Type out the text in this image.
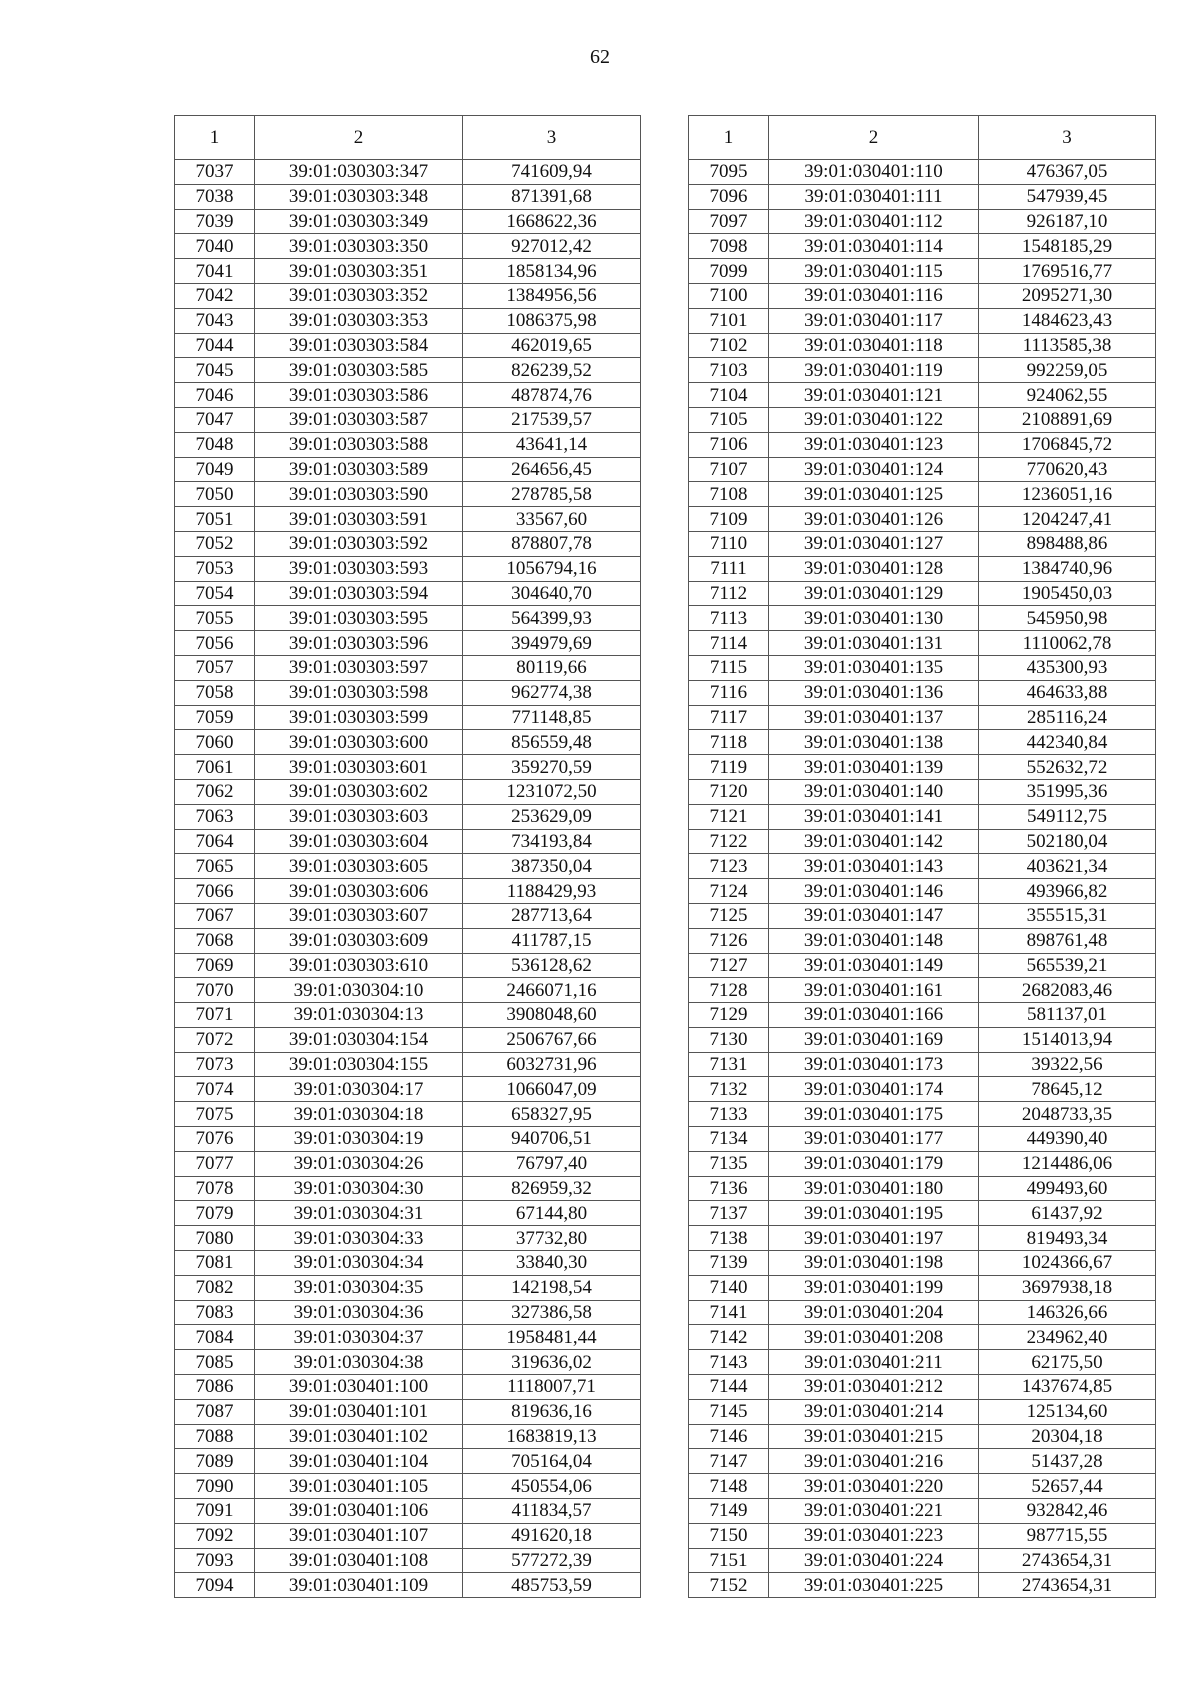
62
1	2	3
7037	39:01:030303:347	741609,94
7038	39:01:030303:348	871391,68
7039	39:01:030303:349	1668622,36
7040	39:01:030303:350	927012,42
7041	39:01:030303:351	1858134,96
7042	39:01:030303:352	1384956,56
7043	39:01:030303:353	1086375,98
7044	39:01:030303:584	462019,65
7045	39:01:030303:585	826239,52
7046	39:01:030303:586	487874,76
7047	39:01:030303:587	217539,57
7048	39:01:030303:588	43641,14
7049	39:01:030303:589	264656,45
7050	39:01:030303:590	278785,58
7051	39:01:030303:591	33567,60
7052	39:01:030303:592	878807,78
7053	39:01:030303:593	1056794,16
7054	39:01:030303:594	304640,70
7055	39:01:030303:595	564399,93
7056	39:01:030303:596	394979,69
7057	39:01:030303:597	80119,66
7058	39:01:030303:598	962774,38
7059	39:01:030303:599	771148,85
7060	39:01:030303:600	856559,48
7061	39:01:030303:601	359270,59
7062	39:01:030303:602	1231072,50
7063	39:01:030303:603	253629,09
7064	39:01:030303:604	734193,84
7065	39:01:030303:605	387350,04
7066	39:01:030303:606	1188429,93
7067	39:01:030303:607	287713,64
7068	39:01:030303:609	411787,15
7069	39:01:030303:610	536128,62
7070	39:01:030304:10	2466071,16
7071	39:01:030304:13	3908048,60
7072	39:01:030304:154	2506767,66
7073	39:01:030304:155	6032731,96
7074	39:01:030304:17	1066047,09
7075	39:01:030304:18	658327,95
7076	39:01:030304:19	940706,51
7077	39:01:030304:26	76797,40
7078	39:01:030304:30	826959,32
7079	39:01:030304:31	67144,80
7080	39:01:030304:33	37732,80
7081	39:01:030304:34	33840,30
7082	39:01:030304:35	142198,54
7083	39:01:030304:36	327386,58
7084	39:01:030304:37	1958481,44
7085	39:01:030304:38	319636,02
7086	39:01:030401:100	1118007,71
7087	39:01:030401:101	819636,16
7088	39:01:030401:102	1683819,13
7089	39:01:030401:104	705164,04
7090	39:01:030401:105	450554,06
7091	39:01:030401:106	411834,57
7092	39:01:030401:107	491620,18
7093	39:01:030401:108	577272,39
7094	39:01:030401:109	485753,59
1	2	3
7095	39:01:030401:110	476367,05
7096	39:01:030401:111	547939,45
7097	39:01:030401:112	926187,10
7098	39:01:030401:114	1548185,29
7099	39:01:030401:115	1769516,77
7100	39:01:030401:116	2095271,30
7101	39:01:030401:117	1484623,43
7102	39:01:030401:118	1113585,38
7103	39:01:030401:119	992259,05
7104	39:01:030401:121	924062,55
7105	39:01:030401:122	2108891,69
7106	39:01:030401:123	1706845,72
7107	39:01:030401:124	770620,43
7108	39:01:030401:125	1236051,16
7109	39:01:030401:126	1204247,41
7110	39:01:030401:127	898488,86
7111	39:01:030401:128	1384740,96
7112	39:01:030401:129	1905450,03
7113	39:01:030401:130	545950,98
7114	39:01:030401:131	1110062,78
7115	39:01:030401:135	435300,93
7116	39:01:030401:136	464633,88
7117	39:01:030401:137	285116,24
7118	39:01:030401:138	442340,84
7119	39:01:030401:139	552632,72
7120	39:01:030401:140	351995,36
7121	39:01:030401:141	549112,75
7122	39:01:030401:142	502180,04
7123	39:01:030401:143	403621,34
7124	39:01:030401:146	493966,82
7125	39:01:030401:147	355515,31
7126	39:01:030401:148	898761,48
7127	39:01:030401:149	565539,21
7128	39:01:030401:161	2682083,46
7129	39:01:030401:166	581137,01
7130	39:01:030401:169	1514013,94
7131	39:01:030401:173	39322,56
7132	39:01:030401:174	78645,12
7133	39:01:030401:175	2048733,35
7134	39:01:030401:177	449390,40
7135	39:01:030401:179	1214486,06
7136	39:01:030401:180	499493,60
7137	39:01:030401:195	61437,92
7138	39:01:030401:197	819493,34
7139	39:01:030401:198	1024366,67
7140	39:01:030401:199	3697938,18
7141	39:01:030401:204	146326,66
7142	39:01:030401:208	234962,40
7143	39:01:030401:211	62175,50
7144	39:01:030401:212	1437674,85
7145	39:01:030401:214	125134,60
7146	39:01:030401:215	20304,18
7147	39:01:030401:216	51437,28
7148	39:01:030401:220	52657,44
7149	39:01:030401:221	932842,46
7150	39:01:030401:223	987715,55
7151	39:01:030401:224	2743654,31
7152	39:01:030401:225	2743654,31
